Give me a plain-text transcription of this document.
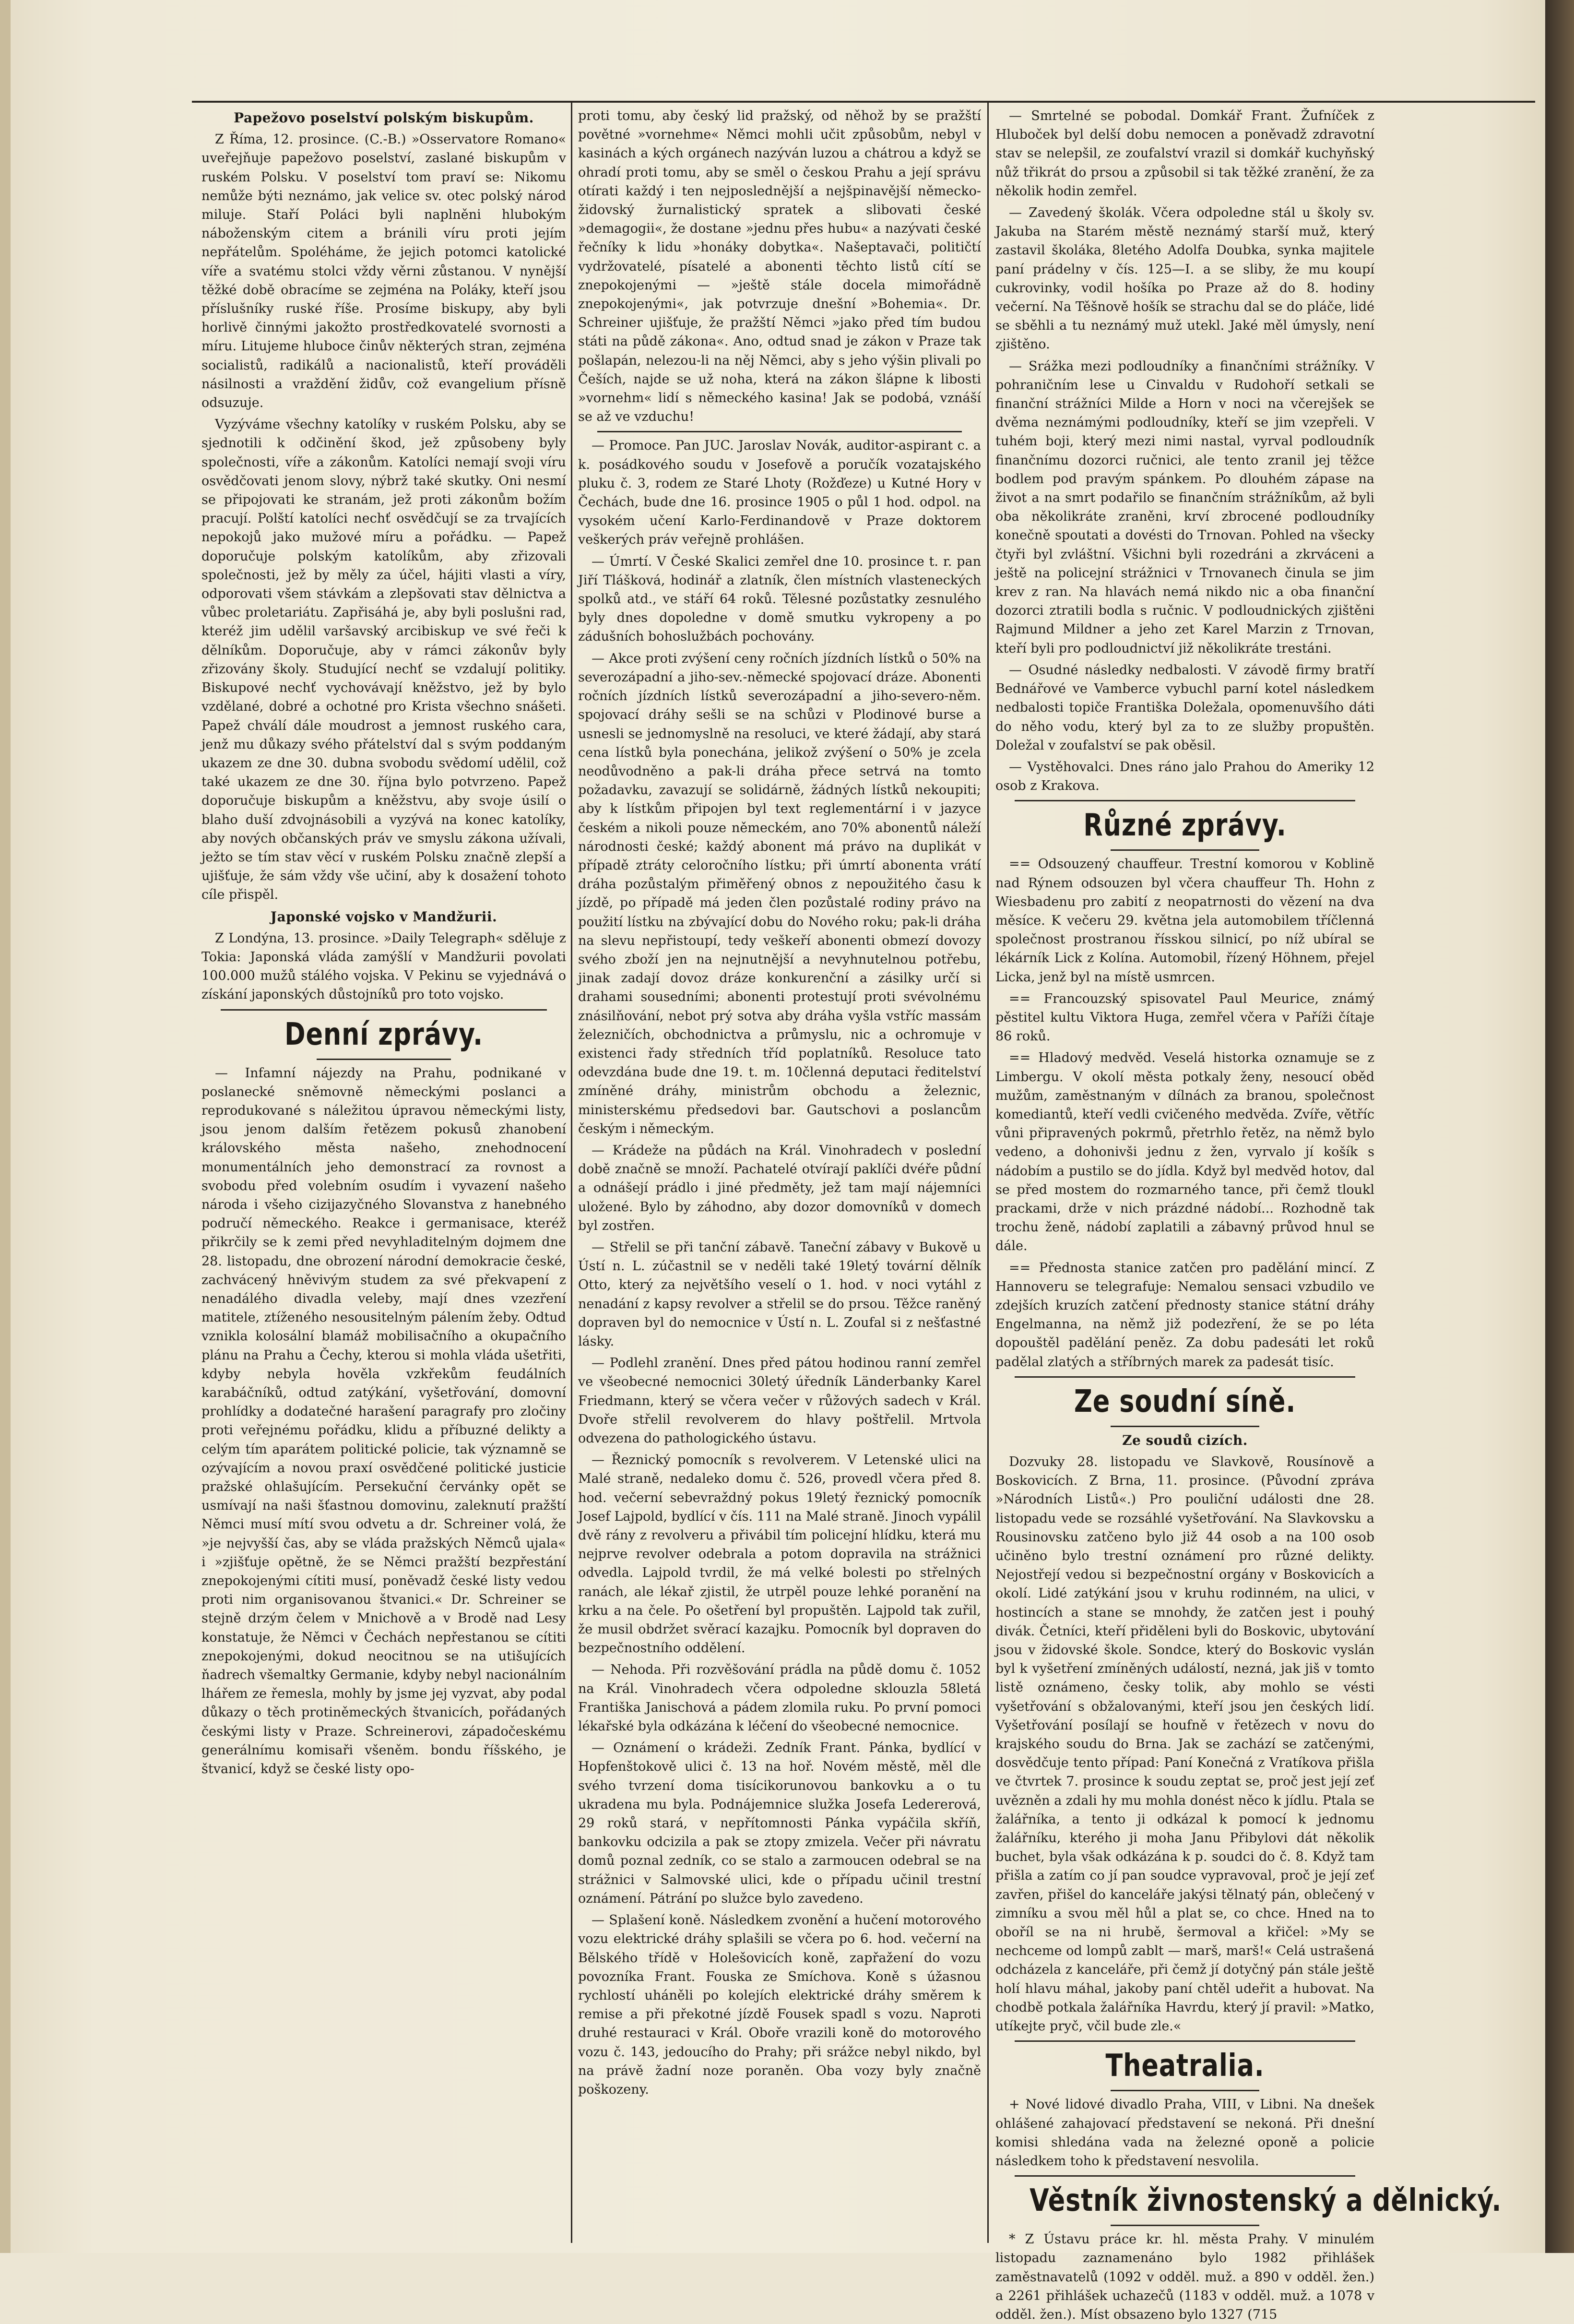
Papežovo poselství polským biskupům.

Z Říma, 12. prosince. (C.-B.) »Osservatore Romano« uveřejňuje papežovo poselství, zaslané biskupům v ruském Polsku. V poselství tom praví se: Nikomu nemůže býti neznámo, jak velice sv. otec polský národ miluje. Staří Poláci byli naplněni hlubokým náboženským citem a bránili víru proti jejím nepřátelům. Spoléháme, že jejich potomci katolické víře a svatému stolci vždy věrni zůstanou. V nynější těžké době obracíme se zejména na Poláky, kteří jsou příslušníky ruské říše. Prosíme biskupy, aby byli horlivě činnými jakožto prostředkovatelé svornosti a míru. Litujeme hluboce činův některých stran, zejména socialistů, radikálů a nacionalistů, kteří prováděli násilnosti a vraždění židův, což evangelium přísně odsuzuje.

Vyzýváme všechny katolíky v ruském Polsku, aby se sjednotili k odčinění škod, jež způsobeny byly společnosti, víře a zákonům. Katolíci nemají svoji víru osvědčovati jenom slovy, nýbrž také skutky. Oni nesmí se připojovati ke stranám, jež proti zákonům božím pracují. Polští katolíci nechť osvědčují se za trvajících nepokojů jako mužové míru a pořádku. — Papež doporučuje polským katolíkům, aby zřizovali společnosti, jež by měly za účel, hájiti vlasti a víry, odporovati všem stávkám a zlepšovati stav dělnictva a vůbec proletariátu. Zapřisáhá je, aby byli poslušni rad, kteréž jim udělil varšavský arcibiskup ve své řeči k dělníkům. Doporučuje, aby v rámci zákonův byly zřizovány školy. Studující nechť se vzdalují politiky. Biskupové nechť vychovávají kněžstvo, jež by bylo vzdělané, dobré a ochotné pro Krista všechno snášeti. Papež chválí dále moudrost a jemnost ruského cara, jenž mu důkazy svého přátelství dal s svým poddaným ukazem ze dne 30. dubna svobodu svědomí udělil, což také ukazem ze dne 30. října bylo potvrzeno. Papež doporučuje biskupům a kněžstvu, aby svoje úsilí o blaho duší zdvojnásobili a vyzývá na konec katolíky, aby nových občanských práv ve smyslu zákona užívali, ježto se tím stav věcí v ruském Polsku značně zlepší a ujišťuje, že sám vždy vše učiní, aby k dosažení tohoto cíle přispěl.

Japonské vojsko v Mandžurii.

Z Londýna, 13. prosince. »Daily Telegraph« sděluje z Tokia: Japonská vláda zamýšlí v Mandžurii povolati 100.000 mužů stálého vojska. V Pekinu se vyjednává o získání japonských důstojníků pro toto vojsko.

Denní zprávy.

— Infamní nájezdy na Prahu, podnikané v poslanecké sněmovně německými poslanci a reprodukované s náležitou úpravou německými listy, jsou jenom dalším řetězem pokusů zhanobení královského města našeho, znehodnocení monumentálních jeho demonstrací za rovnost a svobodu před volebním osudím i vyvazení našeho národa i všeho cizijazyčného Slovanstva z hanebného područí německého. Reakce i germanisace, kteréž přikrčily se k zemi před nevyhladitelným dojmem dne 28. listopadu, dne obrození národní demokracie české, zachvácený hněvivým studem za své překvapení z nenadálého divadla veleby, mají dnes vzezření matitele, ztíženého nesousitelným pálením žeby. Odtud vznikla kolosální blamáž mobilisačního a okupačního plánu na Prahu a Čechy, kterou si mohla vláda ušetřiti, kdyby nebyla hověla vzkřekům feudálních karabáčníků, odtud zatýkání, vyšetřování, domovní prohlídky a dodatečné harašení paragrafy pro zločiny proti veřejnému pořádku, klidu a příbuzné delikty a celým tím aparátem politické policie, tak významně se ozývajícím a novou praxí osvědčené politické justicie pražské ohlašujícím. Persekuční červánky opět se usmívají na naši šťastnou domovinu, zaleknutí pražští Němci musí mítí svou odvetu a dr. Schreiner volá, že »je nejvyšší čas, aby se vláda pražských Němců ujala« i »zjišťuje opětně, že se Němci pražští bezpřestání znepokojenými cítiti musí, poněvadž české listy vedou proti nim organisovanou štvanici.« Dr. Schreiner se stejně drzým čelem v Mnichově a v Brodě nad Lesy konstatuje, že Němci v Čechách nepřestanou se cítiti znepokojenými, dokud neocitnou se na utišujících ňadrech všemaltky Germanie, kdyby nebyl nacionálním lhářem ze řemesla, mohly by jsme jej vyzvat, aby podal důkazy o těch protiněmeckých štvanicích, pořádaných českými listy v Praze. Schreinerovi, západočeskému generálnímu komisaři všeněm. bondu říšského, je štvanicí, když se české listy opo-

proti tomu, aby český lid pražský, od něhož by se pražští povětné »vornehme« Němci mohli učit způsobům, nebyl v kasinách a kých orgánech nazýván luzou a chátrou a když se ohradí proti tomu, aby se směl o českou Prahu a její správu otírati každý i ten nejposlednější a nejšpinavější německo-židovský žurnalistický spratek a slibovati české »demagogii«, že dostane »jednu přes hubu« a nazývati české řečníky k lidu »honáky dobytka«. Našeptavači, političtí vydržovatelé, písatelé a abonenti těchto listů cítí se znepokojenými — »ještě stále docela mimořádně znepokojenými«, jak potvrzuje dnešní »Bohemia«. Dr. Schreiner ujišťuje, že pražští Němci »jako před tím budou státi na půdě zákona«. Ano, odtud snad je zákon v Praze tak pošlapán, nelezou-li na něj Němci, aby s jeho výšin plivali po Češích, najde se už noha, která na zákon šlápne k libosti »vornehm« lidí s německého kasina! Jak se podobá, vznáší se až ve vzduchu!

— Promoce. Pan JUC. Jaroslav Novák, auditor-aspirant c. a k. posádkového soudu v Josefově a poručík vozatajského pluku č. 3, rodem ze Staré Lhoty (Rožďeze) u Kutné Hory v Čechách, bude dne 16. prosince 1905 o půl 1 hod. odpol. na vysokém učení Karlo-Ferdinandově v Praze doktorem veškerých práv veřejně prohlášen.

— Úmrtí. V České Skalici zemřel dne 10. prosince t. r. pan Jiří Tlášková, hodinář a zlatník, člen místních vlasteneckých spolků atd., ve stáří 64 roků. Tělesné pozůstatky zesnulého byly dnes dopoledne v domě smutku vykropeny a po zádušních bohoslužbách pochovány.

— Akce proti zvýšení ceny ročních jízdních lístků o 50% na severozápadní a jiho-sev.-německé spojovací dráze. Abonenti ročních jízdních lístků severozápadní a jiho-severo-něm. spojovací dráhy sešli se na schůzi v Plodinové burse a usnesli se jednomyslně na resoluci, ve které žádají, aby stará cena lístků byla ponechána, jelikož zvýšení o 50% je zcela neodůvodněno a pak-li dráha přece setrvá na tomto požadavku, zavazují se solidárně, žádných lístků nekoupiti; aby k lístkům připojen byl text reglementární i v jazyce českém a nikoli pouze německém, ano 70% abonentů náleží národnosti české; každý abonent má právo na duplikát v případě ztráty celoročního lístku; při úmrtí abonenta vrátí dráha pozůstalým přiměřený obnos z nepoužitého času k jízdě, po případě má jeden člen pozůstalé rodiny právo na použití lístku na zbývající dobu do Nového roku; pak-li dráha na slevu nepřistoupí, tedy veškeří abonenti obmezí dovozy svého zboží jen na nejnutnější a nevyhnutelnou potřebu, jinak zadají dovoz dráze konkurenční a zásilky určí si drahami sousedními; abonenti protestují proti svévolnému znásilňování, nebot prý sotva aby dráha vyšla vstříc massám železničích, obchodnictva a průmyslu, nic a ochromuje v existenci řady středních tříd poplatníků. Resoluce tato odevzdána bude dne 19. t. m. 10členná deputaci ředitelství zmíněné dráhy, ministrům obchodu a železnic, ministerskému předsedovi bar. Gautschovi a poslancům českým i německým.

— Krádeže na půdách na Král. Vinohradech v poslední době značně se množí. Pachatelé otvírají paklíči dvéře půdní a odnášejí prádlo i jiné předměty, jež tam mají nájemníci uložené. Bylo by záhodno, aby dozor domovníků v domech byl zostřen.

— Střelil se při tanční zábavě. Taneční zábavy v Bukově u Ústí n. L. zúčastnil se v neděli také 19letý tovární dělník Otto, který za největšího veselí o 1. hod. v noci vytáhl z nenadání z kapsy revolver a střelil se do prsou. Těžce raněný dopraven byl do nemocnice v Ústí n. L. Zoufal si z nešťastné lásky.

— Podlehl zranění. Dnes před pátou hodinou ranní zemřel ve všeobecné nemocnici 30letý úředník Länderbanky Karel Friedmann, který se včera večer v růžových sadech v Král. Dvoře střelil revolverem do hlavy poštřelil. Mrtvola odvezena do pathologického ústavu.

— Řeznický pomocník s revolverem. V Letenské ulici na Malé straně, nedaleko domu č. 526, provedl včera před 8. hod. večerní sebevraždný pokus 19letý řeznický pomocník Josef Lajpold, bydlící v čís. 111 na Malé straně. Jinoch vypálil dvě rány z revolveru a přivábil tím policejní hlídku, která mu nejprve revolver odebrala a potom dopravila na strážnici odvedla. Lajpold tvrdil, že má velké bolesti po střelných ranách, ale lékař zjistil, že utrpěl pouze lehké poranění na krku a na čele. Po ošetření byl propuštěn. Lajpold tak zuřil, že musil obdržet svěrací kazajku. Pomocník byl dopraven do bezpečnostního oddělení.

— Nehoda. Při rozvěšování prádla na půdě domu č. 1052 na Král. Vinohradech včera odpoledne sklouzla 58letá Františka Janischová a pádem zlomila ruku. Po první pomoci lékařské byla odkázána k léčení do všeobecné nemocnice.

— Oznámení o krádeži. Zedník Frant. Pánka, bydlící v Hopfenštokově ulici č. 13 na hoř. Novém městě, měl dle svého tvrzení doma tisícikorunovou bankovku a o tu ukradena mu byla. Podnájemnice služka Josefa Ledererová, 29 roků stará, v nepřítomnosti Pánka vypáčila skříň, bankovku odcizila a pak se ztopy zmizela. Večer při návratu domů poznal zedník, co se stalo a zarmoucen odebral se na strážnici v Salmovské ulici, kde o případu učinil trestní oznámení. Pátrání po služce bylo zavedeno.

— Splašení koně. Následkem zvonění a hučení motorového vozu elektrické dráhy splašili se včera po 6. hod. večerní na Bělského třídě v Holešovicích koně, zapřažení do vozu povozníka Frant. Fouska ze Smíchova. Koně s úžasnou rychlostí uháněli po kolejích elektrické dráhy směrem k remise a při překotné jízdě Fousek spadl s vozu. Naproti druhé restauraci v Král. Oboře vrazili koně do motorového vozu č. 143, jedoucího do Prahy; při srážce nebyl nikdo, byl na právě žadní noze poraněn. Oba vozy byly značně poškozeny.

— Smrtelné se pobodal. Domkář Frant. Žufníček z Hluboček byl delší dobu nemocen a poněvadž zdravotní stav se nelepšil, ze zoufalství vrazil si domkář kuchyňský nůž třikrát do prsou a způsobil si tak těžké zranění, že za několik hodin zemřel.

— Zavedený školák. Včera odpoledne stál u školy sv. Jakuba na Starém městě neznámý starší muž, který zastavil školáka, 8letého Adolfa Doubka, synka majitele paní prádelny v čís. 125—I. a se sliby, že mu koupí cukrovinky, vodil hošíka po Praze až do 8. hodiny večerní. Na Těšnově hošík se strachu dal se do pláče, lidé se sběhli a tu neznámý muž utekl. Jaké měl úmysly, není zjištěno.

— Srážka mezi podloudníky a finančními strážníky. V pohraničním lese u Cinvaldu v Rudohoří setkali se finanční strážníci Milde a Horn v noci na včerejšek se dvěma neznámými podloudníky, kteří se jim vzepřeli. V tuhém boji, který mezi nimi nastal, vyrval podloudník finančnímu dozorci ručnici, ale tento zranil jej těžce bodlem pod pravým spánkem. Po dlouhém zápase na život a na smrt podařilo se finančním strážníkům, až byli oba několikráte zraněni, krví zbrocené podloudníky konečně spoutati a dovésti do Trnovan. Pohled na všecky čtyři byl zvláštní. Všichni byli rozedráni a zkrváceni a ještě na policejní strážnici v Trnovanech činula se jim krev z ran. Na hlavách nemá nikdo nic a oba finanční dozorci ztratili bodla s ručnic. V podloudnických zjištěni Rajmund Mildner a jeho zet Karel Marzin z Trnovan, kteří byli pro podloudnictví již několikráte trestáni.

— Osudné následky nedbalosti. V závodě firmy bratří Bednářové ve Vamberce vybuchl parní kotel následkem nedbalosti topiče Františka Doležala, opomenuvšího dáti do něho vodu, který byl za to ze služby propuštěn. Doležal v zoufalství se pak oběsil.

— Vystěhovalci. Dnes ráno jalo Prahou do Ameriky 12 osob z Krakova.

Různé zprávy.

== Odsouzený chauffeur. Trestní komorou v Koblině nad Rýnem odsouzen byl včera chauffeur Th. Hohn z Wiesbadenu pro zabití z neopatrnosti do vězení na dva měsíce. K večeru 29. května jela automobilem tříčlenná společnost prostranou řísskou silnicí, po níž ubíral se lékárník Lick z Kolína. Automobil, řízený Höhnem, přejel Licka, jenž byl na místě usmrcen.

== Francouzský spisovatel Paul Meurice, známý pěstitel kultu Viktora Huga, zemřel včera v Paříži čítaje 86 roků.

== Hladový medvěd. Veselá historka oznamuje se z Limbergu. V okolí města potkaly ženy, nesoucí oběd mužům, zaměstnaným v dílnách za branou, společnost komediantů, kteří vedli cvičeného medvěda. Zvíře, větříc vůni připravených pokrmů, přetrhlo řetěz, na němž bylo vedeno, a dohonivši jednu z žen, vyrvalo jí košík s nádobím a pustilo se do jídla. Když byl medvěd hotov, dal se před mostem do rozmarného tance, při čemž tloukl prackami, drže v nich prázdné nádobí... Rozhodně tak trochu ženě, nádobí zaplatili a zábavný průvod hnul se dále.

== Přednosta stanice zatčen pro padělání mincí. Z Hannoveru se telegrafuje: Nemalou sensaci vzbudilo ve zdejších kruzích zatčení přednosty stanice státní dráhy Engelmanna, na němž již podezření, že se po léta dopouštěl padělání peněz. Za dobu padesáti let roků padělal zlatých a stříbrných marek za padesát tisíc.

Ze soudní síně.
Ze soudů cizích.

Dozvuky 28. listopadu ve Slavkově, Rousínově a Boskovicích. Z Brna, 11. prosince. (Původní zpráva »Národních Listů«.) Pro pouliční události dne 28. listopadu vede se rozsáhlé vyšetřování. Na Slavkovsku a Rousinovsku zatčeno bylo již 44 osob a na 100 osob učiněno bylo trestní oznámení pro různé delikty. Nejostřejí vedou si bezpečnostní orgány v Boskovicích a okolí. Lidé zatýkání jsou v kruhu rodinném, na ulici, v hostincích a stane se mnohdy, že zatčen jest i pouhý divák. Četníci, kteří přiděleni byli do Boskovic, ubytování jsou v židovské škole. Sondce, který do Boskovic vyslán byl k vyšetření zmíněných událostí, nezná, jak jiš v tomto listě oznámeno, česky tolik, aby mohlo se vésti vyšetřování s obžalovanými, kteří jsou jen českých lidí. Vyšetřování posílají se houfně v řetězech v novu do krajského soudu do Brna. Jak se zachází se zatčenými, dosvědčuje tento případ: Paní Konečná z Vratíkova přišla ve čtvrtek 7. prosince k soudu zeptat se, proč jest její zeť uvězněn a zdali hy mu mohla donést něco k jídlu. Ptala se žalářníka, a tento ji odkázal k pomocí k jednomu žalářníku, kterého ji moha Janu Přibylovi dát několik buchet, byla však odkázána k p. soudci do č. 8. Když tam přišla a zatím co jí pan soudce vypravoval, proč je její zeť zavřen, přišel do kanceláře jakýsi tělnatý pán, oblečený v zimníku a svou měl hůl a plat se, co chce. Hned na to oboříl se na ni hrubě, šermoval a křičel: »My se nechceme od lompů zablt — marš, marš!« Celá ustrašená odcházela z kanceláře, při čemž jí dotyčný pán stále ještě holí hlavu máhal, jakoby paní chtěl udeřit a hubovat. Na chodbě potkala žalářníka Havrdu, který jí pravil: »Matko, utíkejte pryč, včil bude zle.«

Theatralia.

+ Nové lidové divadlo Praha, VIII, v Libni. Na dnešek ohlášené zahajovací představení se nekoná. Při dnešní komisi shledána vada na železné oponě a policie následkem toho k představení nesvolila.

Věstník živnostenský a dělnický.

* Z Ústavu práce kr. hl. města Prahy. V minulém listopadu zaznamenáno bylo 1982 přihlášek zaměstnavatelů (1092 v odděl. muž. a 890 v odděl. žen.) a 2261 přihlášek uchazečů (1183 v odděl. muž. a 1078 v odděl. žen.). Míst obsazeno bylo 1327 (715
